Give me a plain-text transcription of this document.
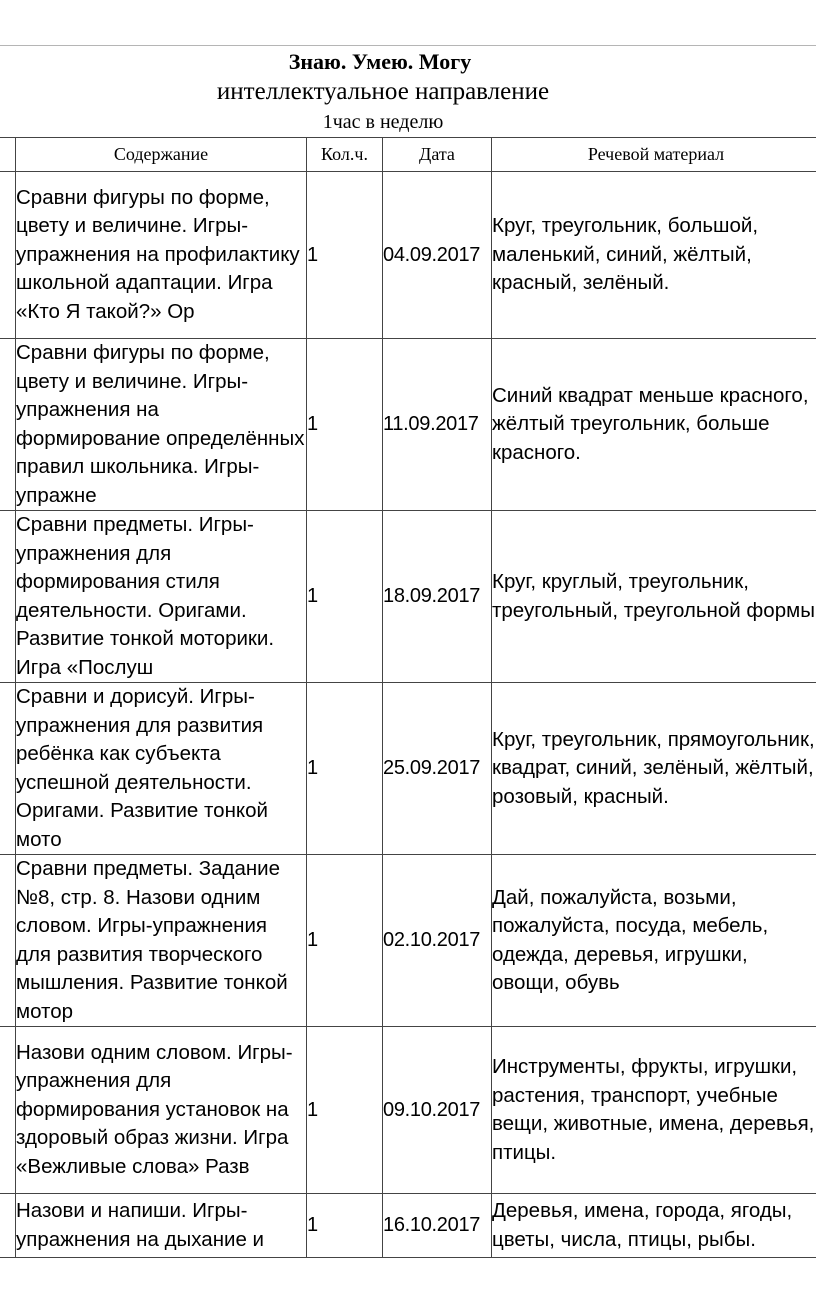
Знаю. Умею. Могу
интеллектуальное направление
1час в неделю
	Содержание	Кол.ч.	Дата	Речевой материал
	Сравни фигуры по форме, цвету и величине. Игры-упражнения на профилактику школьной адаптации. Игра «Кто Я такой?» Ор	1	04.09.2017	Круг, треугольник, большой, маленький, синий, жёлтый, красный, зелёный.
	Сравни фигуры по форме, цвету и величине. Игры-упражнения на формирование определённых правил школьника. Игры-упражне	1	11.09.2017	Синий квадрат меньше красного, жёлтый треугольник, больше красного.
	Сравни предметы. Игры-упражнения для формирования стиля деятельности. Оригами. Развитие тонкой моторики. Игра «Послуш	1	18.09.2017	Круг, круглый, треугольник, треугольный, треугольной формы
	Сравни и дорисуй. Игры-упражнения для развития ребёнка как субъекта успешной деятельности. Оригами. Развитие тонкой мото	1	25.09.2017	Круг, треугольник, прямоугольник, квадрат, синий, зелёный, жёлтый, розовый, красный.
	Сравни предметы. Задание №8, стр. 8. Назови одним словом. Игры-упражнения для развития творческого мышления. Развитие тонкой мотор	1	02.10.2017	Дай, пожалуйста, возьми, пожалуйста, посуда, мебель, одежда, деревья, игрушки, овощи, обувь
	Назови одним словом. Игры-упражнения для формирования установок на здоровый образ жизни. Игра «Вежливые слова» Разв	1	09.10.2017	Инструменты, фрукты, игрушки, растения, транспорт, учебные вещи, животные, имена, деревья, птицы.
	Назови и напиши. Игры-упражнения на дыхание и	1	16.10.2017	Деревья, имена, города, ягоды, цветы, числа, птицы, рыбы.
